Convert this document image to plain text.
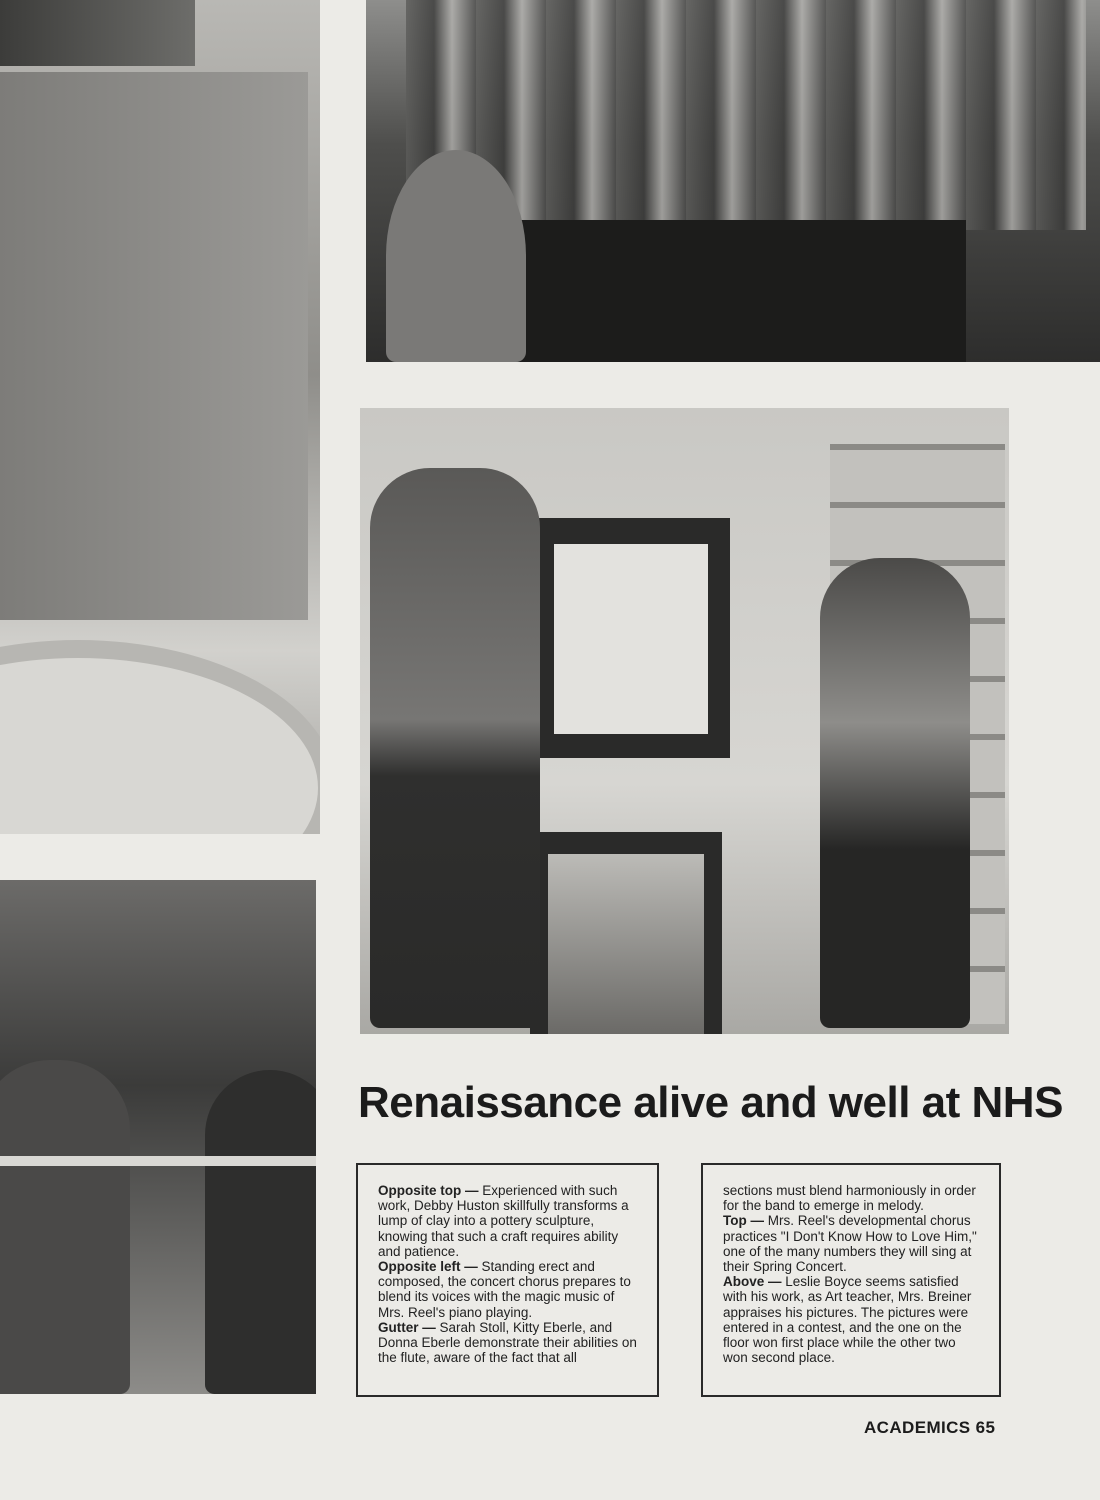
Renaissance alive and well at NHS
Opposite top — Experienced with such work, Debby Huston skillfully transforms a lump of clay into a pottery sculpture, knowing that such a craft requires ability and patience.
Opposite left — Standing erect and composed, the concert chorus prepares to blend its voices with the magic music of Mrs. Reel's piano playing.
Gutter — Sarah Stoll, Kitty Eberle, and Donna Eberle demonstrate their abilities on the flute, aware of the fact that all
sections must blend harmoniously in order for the band to emerge in melody.
Top — Mrs. Reel's developmental chorus practices "I Don't Know How to Love Him," one of the many numbers they will sing at their Spring Concert.
Above — Leslie Boyce seems satisfied with his work, as Art teacher, Mrs. Breiner appraises his pictures. The pictures were entered in a contest, and the one on the floor won first place while the other two won second place.
ACADEMICS 65
